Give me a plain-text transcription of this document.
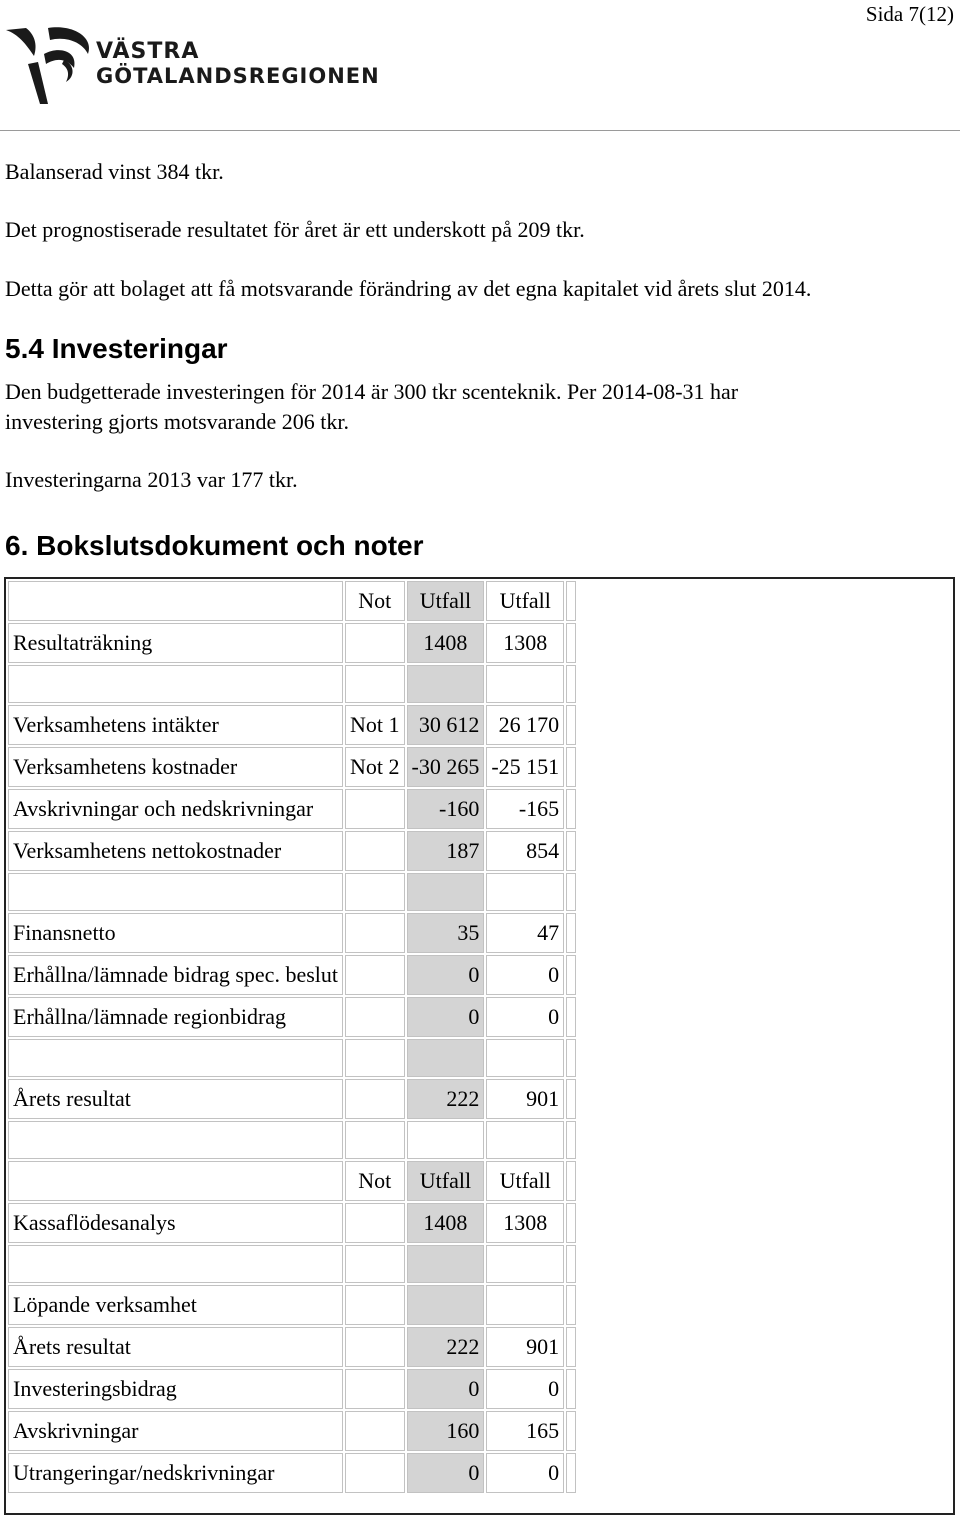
Sida 7(12)
VÄSTRA
GÖTALANDSREGIONEN
Balanserad vinst 384 tkr.
Det prognostiserade resultatet för året är ett underskott på 209 tkr.
Detta gör att bolaget att få motsvarande förändring av det egna kapitalet vid årets slut 2014.
5.4 Investeringar
Den budgetterade investeringen för 2014 är 300 tkr scenteknik. Per 2014-08-31 har
investering gjorts motsvarande 206 tkr.
Investeringarna 2013 var 177 tkr.
6. Bokslutsdokument och noter
	Not	Utfall	Utfall	
Resultaträkning		1408	1308	

Verksamhetens intäkter	Not 1	30 612	26 170	
Verksamhetens kostnader	Not 2	-30 265	-25 151	
Avskrivningar och nedskrivningar		-160	-165	
Verksamhetens nettokostnader		187	854	

Finansnetto		35	47	
Erhållna/lämnade bidrag spec. beslut		0	0	
Erhållna/lämnade regionbidrag		0	0	

Årets resultat		222	901	

	Not	Utfall	Utfall	
Kassaflödesanalys		1408	1308	

Löpande verksamhet				
Årets resultat		222	901	
Investeringsbidrag		0	0	
Avskrivningar		160	165	
Utrangeringar/nedskrivningar		0	0	
